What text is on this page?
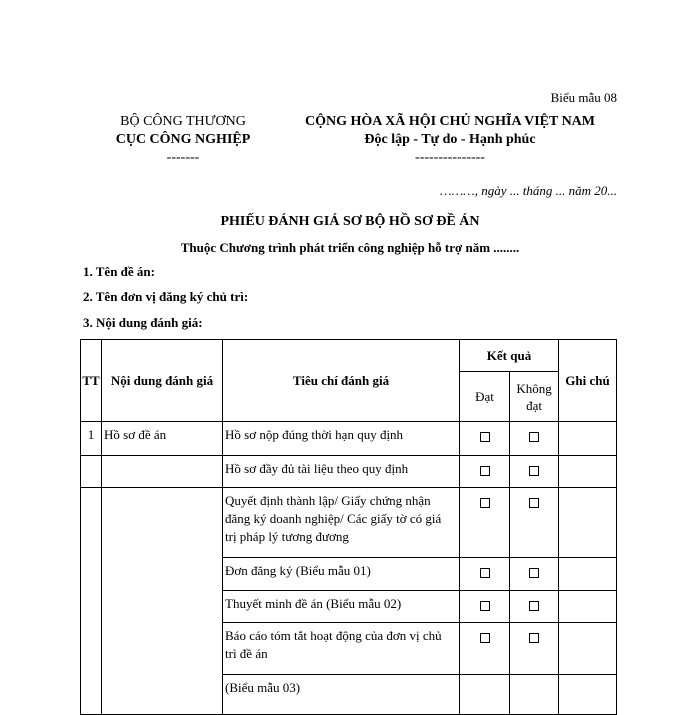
Biểu mẫu 08
BỘ CÔNG THƯƠNG
CỤC CÔNG NGHIỆP
-------
CỘNG HÒA XÃ HỘI CHỦ NGHĨA VIỆT NAM
Độc lập - Tự do - Hạnh phúc
---------------
………, ngày ... tháng ... năm 20...
PHIẾU ĐÁNH GIÁ SƠ BỘ HỒ SƠ ĐỀ ÁN
Thuộc Chương trình phát triển công nghiệp hỗ trợ năm ........
1. Tên đề án:
2. Tên đơn vị đăng ký chủ trì:
3. Nội dung đánh giá:
TT	Nội dung đánh giá	Tiêu chí đánh giá	Kết quả		Ghi chú
			Đạt	Không
đạt	

1	Hồ sơ đề án	Hồ sơ nộp đúng thời hạn quy định			

		Hồ sơ đầy đủ tài liệu theo quy định			

		Quyết định thành lập/ Giấy chứng nhận
đăng ký doanh nghiệp/ Các giấy tờ có giá
trị pháp lý tương đương			

		Đơn đăng ký (Biểu mẫu 01)			

		Thuyết minh đề án (Biểu mẫu 02)			

		Báo cáo tóm tắt hoạt động của đơn vị chủ
trì đề án			

		(Biểu mẫu 03)			
